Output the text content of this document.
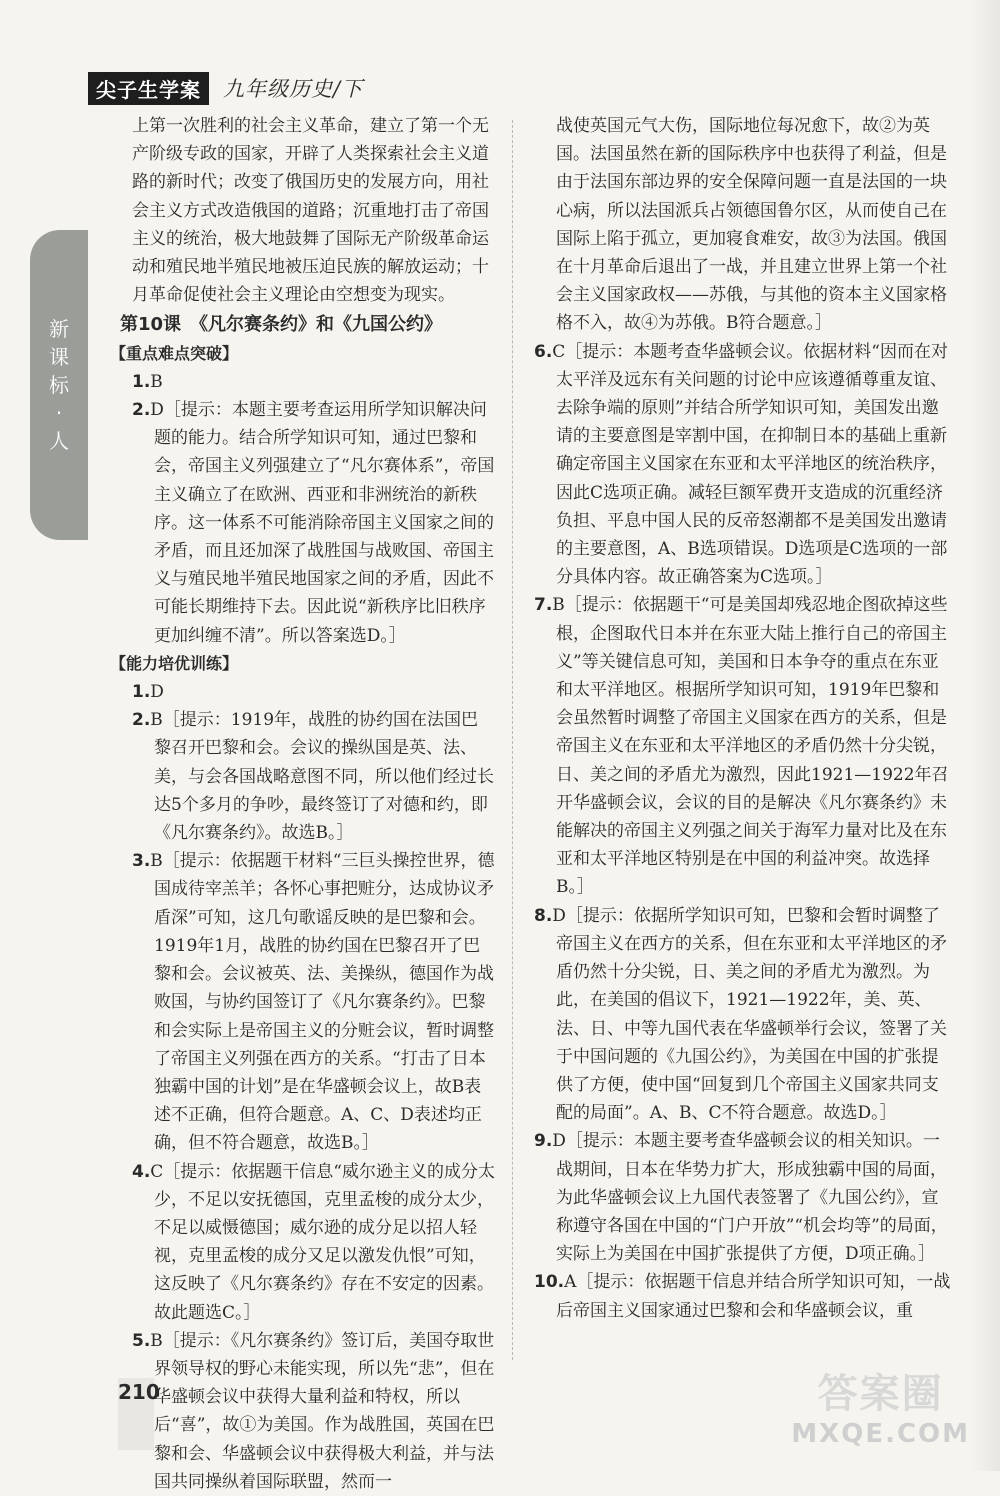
尖子生学案	九年级历史/下
新
课
标
·
人

上第一次胜利的社会主义革命，建立了第一个无产阶级专政的国家，开辟了人类探索社会主义道路的新时代；改变了俄国历史的发展方向，用社会主义方式改造俄国的道路；沉重地打击了帝国主义的统治，极大地鼓舞了国际无产阶级革命运动和殖民地半殖民地被压迫民族的解放运动；十月革命促使社会主义理论由空想变为现实。

第10课　《凡尔赛条约》和《九国公约》

【重点难点突破】

1.B

2.D［提示：本题主要考查运用所学知识解决问题的能力。结合所学知识可知，通过巴黎和会，帝国主义列强建立了“凡尔赛体系”，帝国主义确立了在欧洲、西亚和非洲统治的新秩序。这一体系不可能消除帝国主义国家之间的矛盾，而且还加深了战胜国与战败国、帝国主义与殖民地半殖民地国家之间的矛盾，因此不可能长期维持下去。因此说“新秩序比旧秩序更加纠缠不清”。所以答案选D。］

【能力培优训练】

1.D

2.B［提示：1919年，战胜的协约国在法国巴黎召开巴黎和会。会议的操纵国是英、法、美，与会各国战略意图不同，所以他们经过长达5个多月的争吵，最终签订了对德和约，即《凡尔赛条约》。故选B。］

3.B［提示：依据题干材料“三巨头操控世界，德国成待宰羔羊；各怀心事把赃分，达成协议矛盾深”可知，这几句歌谣反映的是巴黎和会。1919年1月，战胜的协约国在巴黎召开了巴黎和会。会议被英、法、美操纵，德国作为战败国，与协约国签订了《凡尔赛条约》。巴黎和会实际上是帝国主义的分赃会议，暂时调整了帝国主义列强在西方的关系。“打击了日本独霸中国的计划”是在华盛顿会议上，故B表述不正确，但符合题意。A、C、D表述均正确，但不符合题意，故选B。］

4.C［提示：依据题干信息“威尔逊主义的成分太少，不足以安抚德国，克里孟梭的成分太少，不足以威慑德国；威尔逊的成分足以招人轻视，克里孟梭的成分又足以激发仇恨”可知，这反映了《凡尔赛条约》存在不安定的因素。故此题选C。］

5.B［提示：《凡尔赛条约》签订后，美国夺取世界领导权的野心未能实现，所以先“悲”，但在华盛顿会议中获得大量利益和特权，所以后“喜”，故①为美国。作为战胜国，英国在巴黎和会、华盛顿会议中获得极大利益，并与法国共同操纵着国际联盟，然而一

战使英国元气大伤，国际地位每况愈下，故②为英国。法国虽然在新的国际秩序中也获得了利益，但是由于法国东部边界的安全保障问题一直是法国的一块心病，所以法国派兵占领德国鲁尔区，从而使自己在国际上陷于孤立，更加寝食难安，故③为法国。俄国在十月革命后退出了一战，并且建立世界上第一个社会主义国家政权——苏俄，与其他的资本主义国家格格不入，故④为苏俄。B符合题意。］

6.C［提示：本题考查华盛顿会议。依据材料“因而在对太平洋及远东有关问题的讨论中应该遵循尊重友谊、去除争端的原则”并结合所学知识可知，美国发出邀请的主要意图是宰割中国，在抑制日本的基础上重新确定帝国主义国家在东亚和太平洋地区的统治秩序，因此C选项正确。减轻巨额军费开支造成的沉重经济负担、平息中国人民的反帝怒潮都不是美国发出邀请的主要意图，A、B选项错误。D选项是C选项的一部分具体内容。故正确答案为C选项。］

7.B［提示：依据题干“可是美国却残忍地企图砍掉这些根，企图取代日本并在东亚大陆上推行自己的帝国主义”等关键信息可知，美国和日本争夺的重点在东亚和太平洋地区。根据所学知识可知，1919年巴黎和会虽然暂时调整了帝国主义国家在西方的关系，但是帝国主义在东亚和太平洋地区的矛盾仍然十分尖锐，日、美之间的矛盾尤为激烈，因此1921—1922年召开华盛顿会议，会议的目的是解决《凡尔赛条约》未能解决的帝国主义列强之间关于海军力量对比及在东亚和太平洋地区特别是在中国的利益冲突。故选择B。］

8.D［提示：依据所学知识可知，巴黎和会暂时调整了帝国主义在西方的关系，但在东亚和太平洋地区的矛盾仍然十分尖锐，日、美之间的矛盾尤为激烈。为此，在美国的倡议下，1921—1922年，美、英、法、日、中等九国代表在华盛顿举行会议，签署了关于中国问题的《九国公约》，为美国在中国的扩张提供了方便，使中国“回复到几个帝国主义国家共同支配的局面”。A、B、C不符合题意。故选D。］

9.D［提示：本题主要考查华盛顿会议的相关知识。一战期间，日本在华势力扩大，形成独霸中国的局面，为此华盛顿会议上九国代表签署了《九国公约》，宣称遵守各国在中国的“门户开放”“机会均等”的局面，实际上为美国在中国扩张提供了方便，D项正确。］

10.A［提示：依据题干信息并结合所学知识可知，一战后帝国主义国家通过巴黎和会和华盛顿会议，重

210	答案圈
MXQE.COM
